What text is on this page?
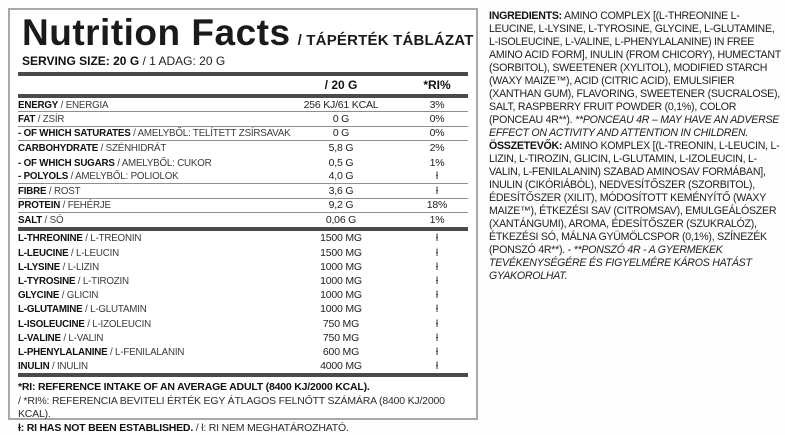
Nutrition Facts / TÁPÉRTÉK TÁBLÁZAT
SERVING SIZE: 20 G / 1 ADAG: 20 G
/ 20 G	*RI%
ENERGY / ENERGIA	256 KJ/61 KCAL	3%
FAT / ZSÍR	0 G	0%
- OF WHICH SATURATES / AMELYBŐL: TELÍTETT ZSÍRSAVAK	0 G	0%
CARBOHYDRATE / SZÉNHIDRÁT	5,8 G	2%
- OF WHICH SUGARS / AMELYBŐL: CUKOR	0,5 G	1%
- POLYOLS / AMELYBŐL: POLIOLOK	4,0 G	ƚ
FIBRE / ROST	3,6 G	ƚ
PROTEIN / FEHÉRJE	9,2 G	18%
SALT / SÓ	0,06 G	1%
L-THREONINE / L-TREONIN	1500 MG	ƚ
L-LEUCINE / L-LEUCIN	1500 MG	ƚ
L-LYSINE / L-LIZIN	1000 MG	ƚ
L-TYROSINE / L-TIROZIN	1000 MG	ƚ
GLYCINE / GLICIN	1000 MG	ƚ
L-GLUTAMINE / L-GLUTAMIN	1000 MG	ƚ
L-ISOLEUCINE / L-IZOLEUCIN	750 MG	ƚ
L-VALINE / L-VALIN	750 MG	ƚ
L-PHENYLALANINE / L-FENILALANIN	600 MG	ƚ
INULIN / INULIN	4000 MG	ƚ
*RI: REFERENCE INTAKE OF AN AVERAGE ADULT (8400 KJ/2000 KCAL).
/ *RI%: REFERENCIA BEVITELI ÉRTÉK EGY ÁTLAGOS FELNŐTT SZÁMÁRA (8400 KJ/2000 KCAL).
ƚ: RI HAS NOT BEEN ESTABLISHED. / ƚ: RI NEM MEGHATÁROZHATÓ.

INGREDIENTS: AMINO COMPLEX [(L-THREONINE L-LEUCINE, L-LYSINE, L-TYROSINE, GLYCINE, L-GLUTAMINE, L-ISOLEUCINE, L-VALINE, L-PHENYLALANINE) IN FREE AMINO ACID FORM], INULIN (FROM CHICORY), HUMECTANT (SORBITOL), SWEETENER (XYLITOL), MODIFIED STARCH (WAXY MAIZE™), ACID (CITRIC ACID), EMULSIFIER (XANTHAN GUM), FLAVORING, SWEETENER (SUCRALOSE), SALT, RASPBERRY FRUIT POWDER (0,1%), COLOR (PONCEAU 4R**). **PONCEAU 4R – MAY HAVE AN ADVERSE EFFECT ON ACTIVITY AND ATTENTION IN CHILDREN.

ÖSSZETEVŐK: AMINO KOMPLEX [(L-TREONIN, L-LEUCIN, L-LIZIN, L-TIROZIN, GLICIN, L-GLUTAMIN, L-IZOLEUCIN, L-VALIN, L-FENILALANIN) SZABAD AMINOSAV FORMÁBAN], INULIN (CIKÓRIÁBÓL), NEDVESÍTŐSZER (SZORBITOL), ÉDESÍTŐSZER (XILIT), MÓDOSÍTOTT KEMÉNYÍTŐ (WAXY MAIZE™), ÉTKEZÉSI SAV (CITROMSAV), EMULGEÁLÓSZER (XANTÁNGUMI), AROMA, ÉDESÍTŐSZER (SZUKRALÓZ), ÉTKEZÉSI SÓ, MÁLNA GYÜMÖLCSPOR (0,1%), SZÍNEZÉK (PONSZÓ 4R**). - **PONSZÓ 4R - A GYERMEKEK TEVÉKENYSÉGÉRE ÉS FIGYELMÉRE KÁROS HATÁST GYAKOROLHAT.
